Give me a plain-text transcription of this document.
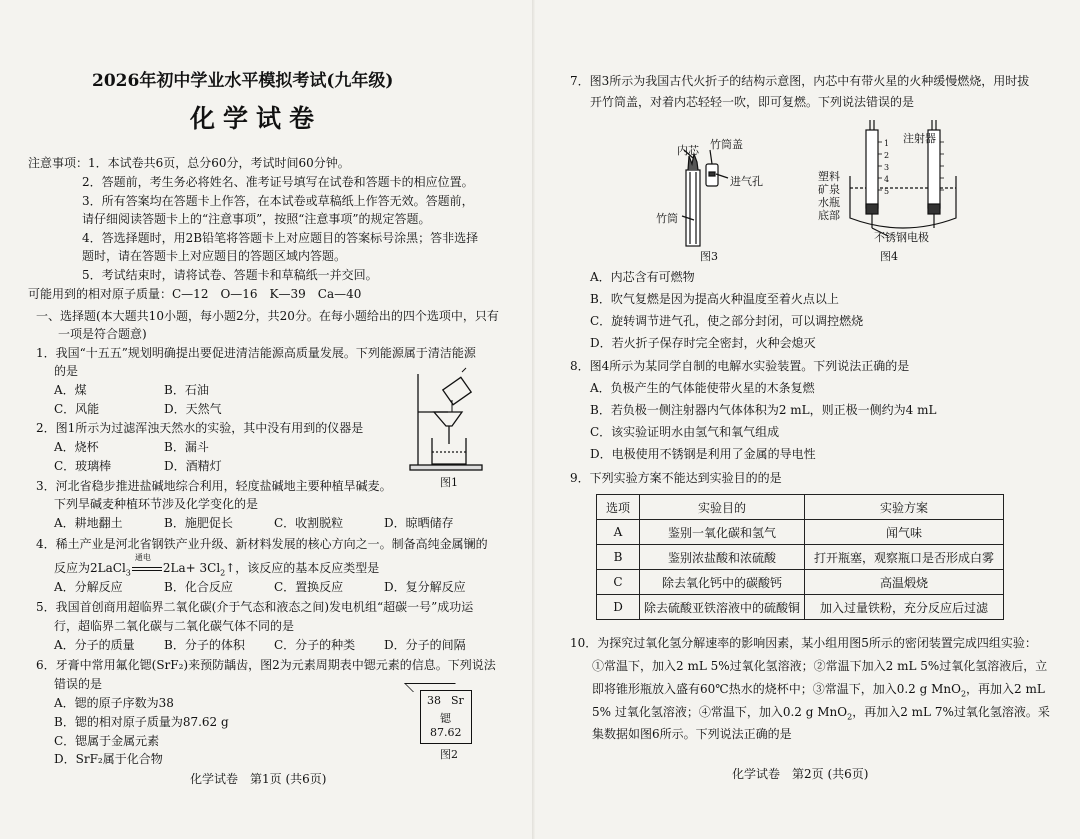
2026年初中学业水平模拟考试(九年级)
化学试卷
注意事项：1．本试卷共6页，总分60分，考试时间60分钟。
2．答题前，考生务必将姓名、准考证号填写在试卷和答题卡的相应位置。
3．所有答案均在答题卡上作答，在本试卷或草稿纸上作答无效。答题前，
请仔细阅读答题卡上的“注意事项”，按照“注意事项”的规定答题。
4．答选择题时，用2B铅笔将答题卡上对应题目的答案标号涂黑；答非选择
题时，请在答题卡上对应题目的答题区域内答题。
5．考试结束时，请将试卷、答题卡和草稿纸一并交回。
可能用到的相对原子质量：C—12　O—16　K—39　Ca—40
一、选择题(本大题共10小题，每小题2分，共20分。在每小题给出的四个选项中，只有
一项是符合题意)
1．我国“十五五”规划明确提出要促进清洁能源高质量发展。下列能源属于清洁能源
的是
A．煤	B．石油
C．风能	D．天然气
2．图1所示为过滤浑浊天然水的实验，其中没有用到的仪器是
A．烧杯	B．漏斗
C．玻璃棒	D．酒精灯
图1
3．河北省稳步推进盐碱地综合利用，轻度盐碱地主要种植旱碱麦。
下列旱碱麦种植环节涉及化学变化的是
A．耕地翻土	B．施肥促长	C．收割脱粒	D．晾晒储存
4．稀土产业是河北省钢铁产业升级、新材料发展的核心方向之一。制备高纯金属镧的
反应为2LaCl$_3$
通电
$2La+ 3Cl_2↑$，该反应的基本反应类型是
A．分解反应	B．化合反应	C．置换反应	D．复分解反应
5．我国首创商用超临界二氧化碳(介于气态和液态之间)发电机组“超碳一号”成功运
行，超临界二氧化碳与二氧化碳气体不同的是
A．分子的质量 B．分子的体积 C．分子的种类 D．分子的间隔
6．牙膏中常用氟化锶(SrF₂)来预防龋齿，图2为元素周期表中锶元素的信息。下列说法
错误的是
A．锶的原子序数为38
B．锶的相对原子质量为87.62 g
C．锶属于金属元素
D．SrF₂属于化合物
38 Sr
锶
87.62
图2
化学试卷　第1页 (共6页)
7．图3所示为我国古代火折子的结构示意图，内芯中有带火星的火种缓慢燃烧，用时拔
开竹筒盖，对着内芯轻轻一吹，即可复燃。下列说法错误的是
内芯 竹筒盖
进气孔
竹筒
图3
1
2
3
4
5
注射器
塑料
矿泉
水瓶
底部
不锈钢电极
图4
A．内芯含有可燃物
B．吹气复燃是因为提高火种温度至着火点以上
C．旋转调节进气孔，使之部分封闭，可以调控燃烧
D．若火折子保存时完全密封，火种会熄灭
8．图4所示为某同学自制的电解水实验装置。下列说法正确的是
A．负极产生的气体能使带火星的木条复燃
B．若负极一侧注射器内气体体积为2 mL，则正极一侧约为4 mL
C．该实验证明水由氢气和氧气组成
D．电极使用不锈钢是利用了金属的导电性
9．下列实验方案不能达到实验目的的是
选项	实验目的	实验方案
A	鉴别一氧化碳和氢气	闻气味
B	鉴别浓盐酸和浓硫酸	打开瓶塞，观察瓶口是否形成白雾
C	除去氧化钙中的碳酸钙	高温煅烧
D	除去硫酸亚铁溶液中的硫酸铜	加入过量铁粉，充分反应后过滤
10．为探究过氧化氢分解速率的影响因素，某小组用图5所示的密闭装置完成四组实验：
①常温下，加入2 mL 5%过氧化氢溶液；②常温下加入2 mL 5%过氧化氢溶液后，立
即将锥形瓶放入盛有60℃热水的烧杯中；③常温下，加入0.2 g MnO$_2$，再加入2 mL
5% 过氧化氢溶液；④常温下，加入0.2 g MnO$_2$，再加入2 mL 7%过氧化氢溶液。采
集数据如图6所示。下列说法正确的是
化学试卷　第2页 (共6页)
